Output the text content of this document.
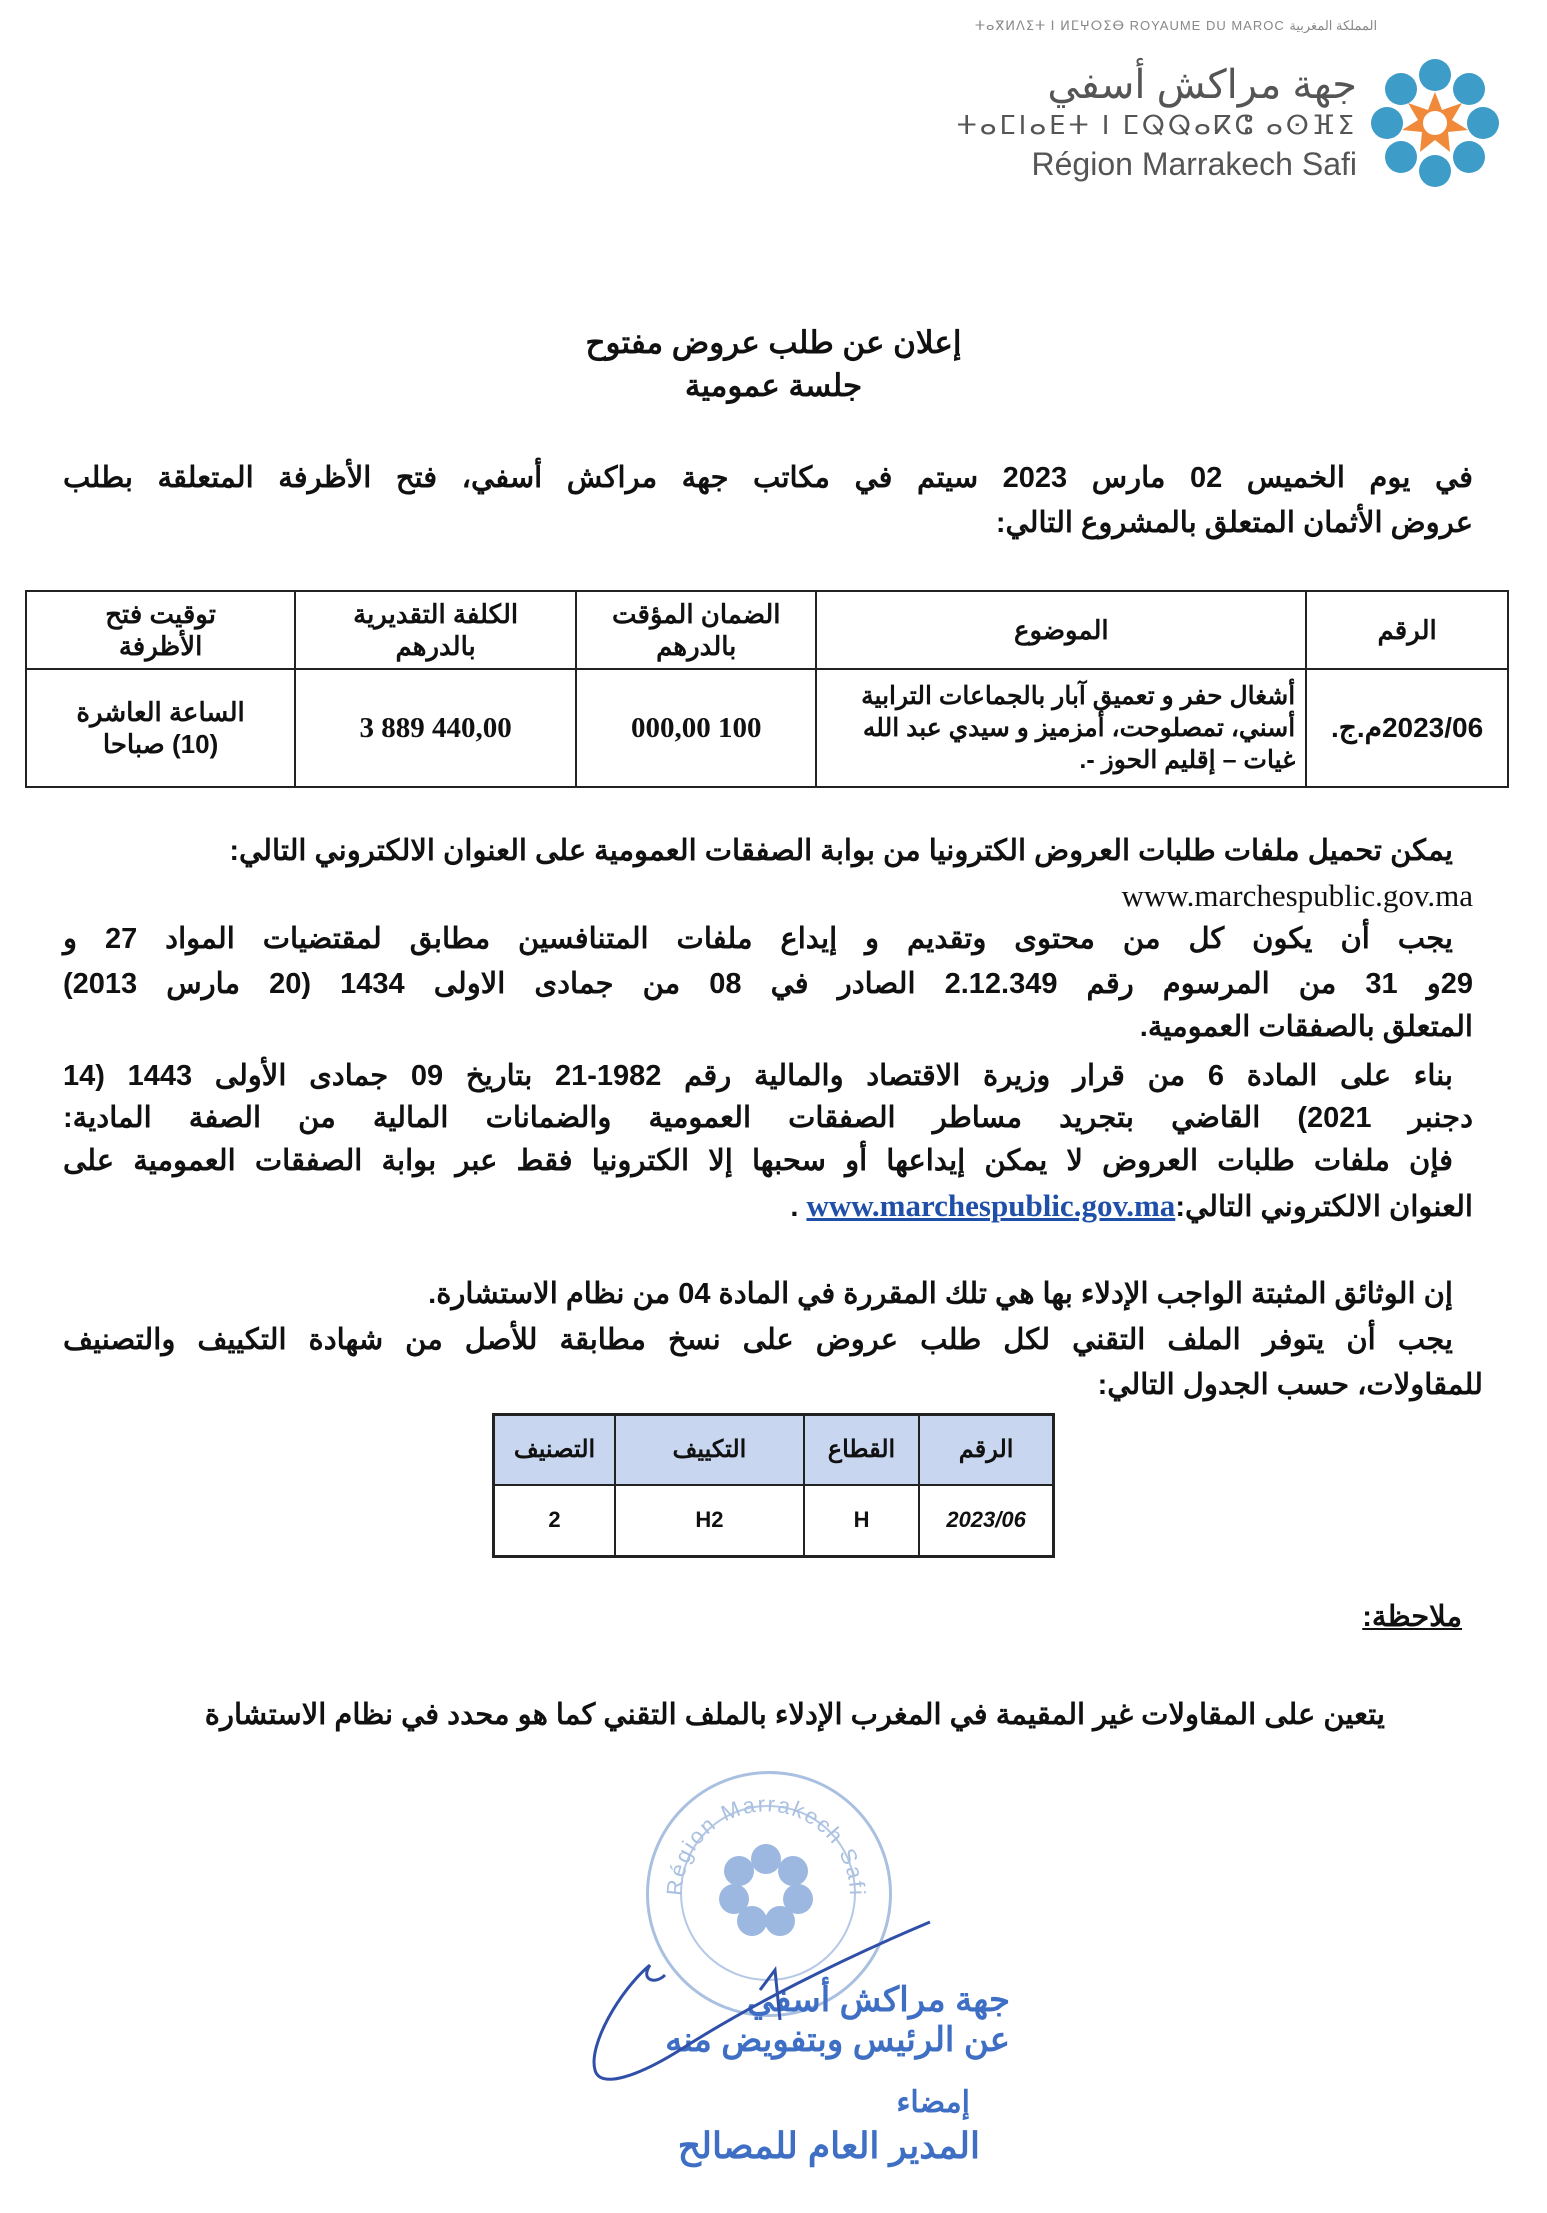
ⵜⴰⴳⵍⴷⵉⵜ ⵏ ⵍⵎⵖⵔⵉⴱ ROYAUME DU MAROC المملكة المغربية
جهة مراكش أسفي
ⵜⴰⵎⵏⴰⴹⵜ ⵏ ⵎⵕⵕⴰⴽⵛ ⴰⵙⴼⵉ
Région Marrakech Safi
إعلان عن طلب عروض مفتوح
جلسة عمومية
في يوم الخميس 02 مارس 2023 سيتم في مكاتب جهة مراكش أسفي، فتح الأظرفة المتعلقة بطلب
عروض الأثمان المتعلق بالمشروع التالي:
الرقم	الموضوع	الضمان المؤقت بالدرهم	الكلفة التقديرية بالدرهم	توقيت فتح الأظرفة
2023/06م.ج.	أشغال حفر و تعميق آبار بالجماعات الترابية أسني، تمصلوحت، أمزميز و سيدي عبد الله غيات – إقليم الحوز -.	100 000,00	3 889 440,00	الساعة العاشرة (10) صباحا
يمكن تحميل ملفات طلبات العروض الكترونيا من بوابة الصفقات العمومية على العنوان الالكتروني التالي:
www.marchespublic.gov.ma
يجب أن يكون كل من محتوى وتقديم و إيداع ملفات المتنافسين مطابق لمقتضيات المواد 27 و
29و 31 من المرسوم رقم 2.12.349 الصادر في 08 من جمادى الاولى 1434 (20 مارس 2013)
المتعلق بالصفقات العمومية.
بناء على المادة 6 من قرار وزيرة الاقتصاد والمالية رقم 1982-21 بتاريخ 09 جمادى الأولى 1443 (14
دجنبر 2021) القاضي بتجريد مساطر الصفقات العمومية والضمانات المالية من الصفة المادية:
فإن ملفات طلبات العروض لا يمكن إيداعها أو سحبها إلا الكترونيا فقط عبر بوابة الصفقات العمومية على
العنوان الالكتروني التالي:www.marchespublic.gov.ma .
إن الوثائق المثبتة الواجب الإدلاء بها هي تلك المقررة في المادة 04 من نظام الاستشارة.
يجب أن يتوفر الملف التقني لكل طلب عروض على نسخ مطابقة للأصل من شهادة التكييف والتصنيف
للمقاولات، حسب الجدول التالي:
الرقم	القطاع	التكييف	التصنيف
2023/06	H	H2	2
ملاحظة:
يتعين على المقاولات غير المقيمة في المغرب الإدلاء بالملف التقني كما هو محدد في نظام الاستشارة
Région Marrakech Safi
جهة مراكش أسفي
عن الرئيس وبتفويض منه
إمضاء
المدير العام للمصالح
